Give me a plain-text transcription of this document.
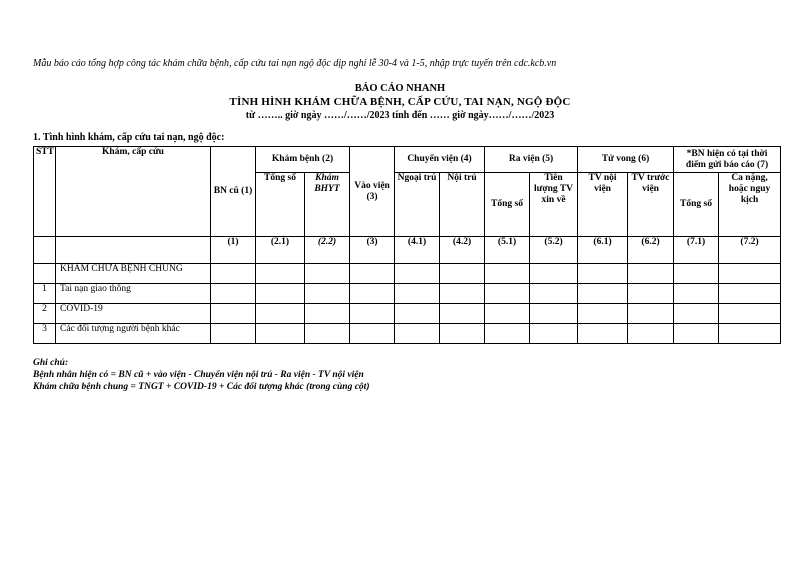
Mẫu báo cáo tổng hợp công tác khám chữa bệnh, cấp cứu tai nạn ngộ độc dịp nghỉ lễ 30-4 và 1-5, nhập trực tuyến trên cdc.kcb.vn
BÁO CÁO NHANH
TÌNH HÌNH KHÁM CHỮA BỆNH, CẤP CỨU, TAI NẠN, NGỘ ĐỘC
từ …….. giờ ngày ……/……/2023 tính đến …… giờ ngày……/……/2023
1. Tình hình khám, cấp cứu tai nạn, ngộ độc:
STT	Khám, cấp cứu	BN cũ (1)	Khám bệnh (2)		Vào viện (3)	Chuyển viện (4)		Ra viện (5)		Tử vong (6)		*BN hiện có tại thời điểm gửi báo cáo (7)	
			Tổng số	Khám BHYT		Ngoại trú	Nội trú	Tổng số	Tiên lượng TV xin về	TV nội viện	TV trước viện	Tổng số	Ca nặng, hoặc nguy kịch
		(1)	(2.1)	(2.2)	(3)	(4.1)	(4.2)	(5.1)	(5.2)	(6.1)	(6.2)	(7.1)	(7.2)
	KHÁM CHỮA BỆNH CHUNG												
1	Tai nạn giao thông												
2	COVID-19												
3	Các đối tượng người bệnh khác												
Ghi chú:
Bệnh nhân hiện có = BN cũ + vào viện - Chuyển viện nội trú - Ra viện - TV nội viện
Khám chữa bệnh chung = TNGT + COVID-19 + Các đối tượng khác (trong cùng cột)
